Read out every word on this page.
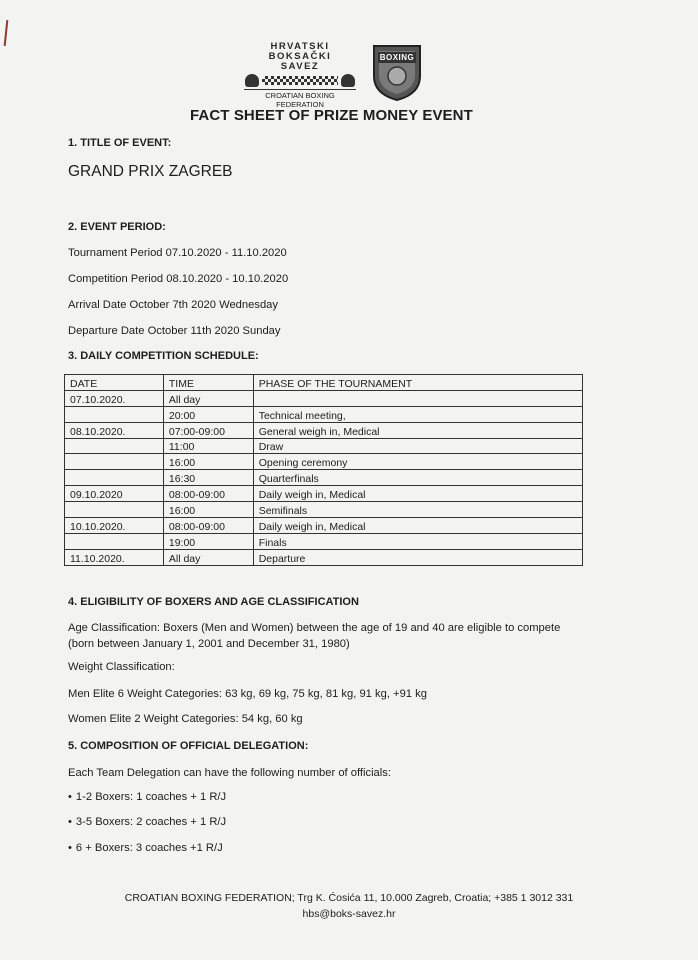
HRVATSKI
BOKSAČKI
SAVEZ
CROATIAN BOXING FEDERATION
BOXING
FACT SHEET OF PRIZE MONEY EVENT
1. TITLE OF EVENT:
GRAND PRIX ZAGREB
2. EVENT PERIOD:
Tournament Period 07.10.2020 - 11.10.2020
Competition Period 08.10.2020 - 10.10.2020
Arrival Date October 7th 2020 Wednesday
Departure Date October 11th 2020 Sunday
3. DAILY COMPETITION SCHEDULE:
DATE	TIME	PHASE OF THE TOURNAMENT
07.10.2020.	All day	
	20:00	Technical meeting,
08.10.2020.	07:00-09:00	General weigh in, Medical
	11:00	Draw
	16:00	Opening ceremony
	16:30	Quarterfinals
09.10.2020	08:00-09:00	Daily weigh in, Medical
	16:00	Semifinals
10.10.2020.	08:00-09:00	Daily weigh in, Medical
	19:00	Finals
11.10.2020.	All day	Departure
4. ELIGIBILITY OF BOXERS AND AGE CLASSIFICATION
Age Classification: Boxers (Men and Women) between the age of 19 and 40 are eligible to compete
(born between January 1, 2001 and December 31, 1980)
Weight Classification:
Men Elite 6 Weight Categories: 63 kg, 69 kg, 75 kg, 81 kg, 91 kg, +91 kg
Women Elite 2 Weight Categories: 54 kg, 60 kg
5. COMPOSITION OF OFFICIAL DELEGATION:
Each Team Delegation can have the following number of officials:
• 1-2 Boxers: 1 coaches + 1 R/J
• 3-5 Boxers: 2 coaches + 1 R/J
• 6 + Boxers: 3 coaches +1 R/J
CROATIAN BOXING FEDERATION; Trg K. Ćosića 11, 10.000 Zagreb, Croatia; +385 1 3012 331
hbs@boks-savez.hr
